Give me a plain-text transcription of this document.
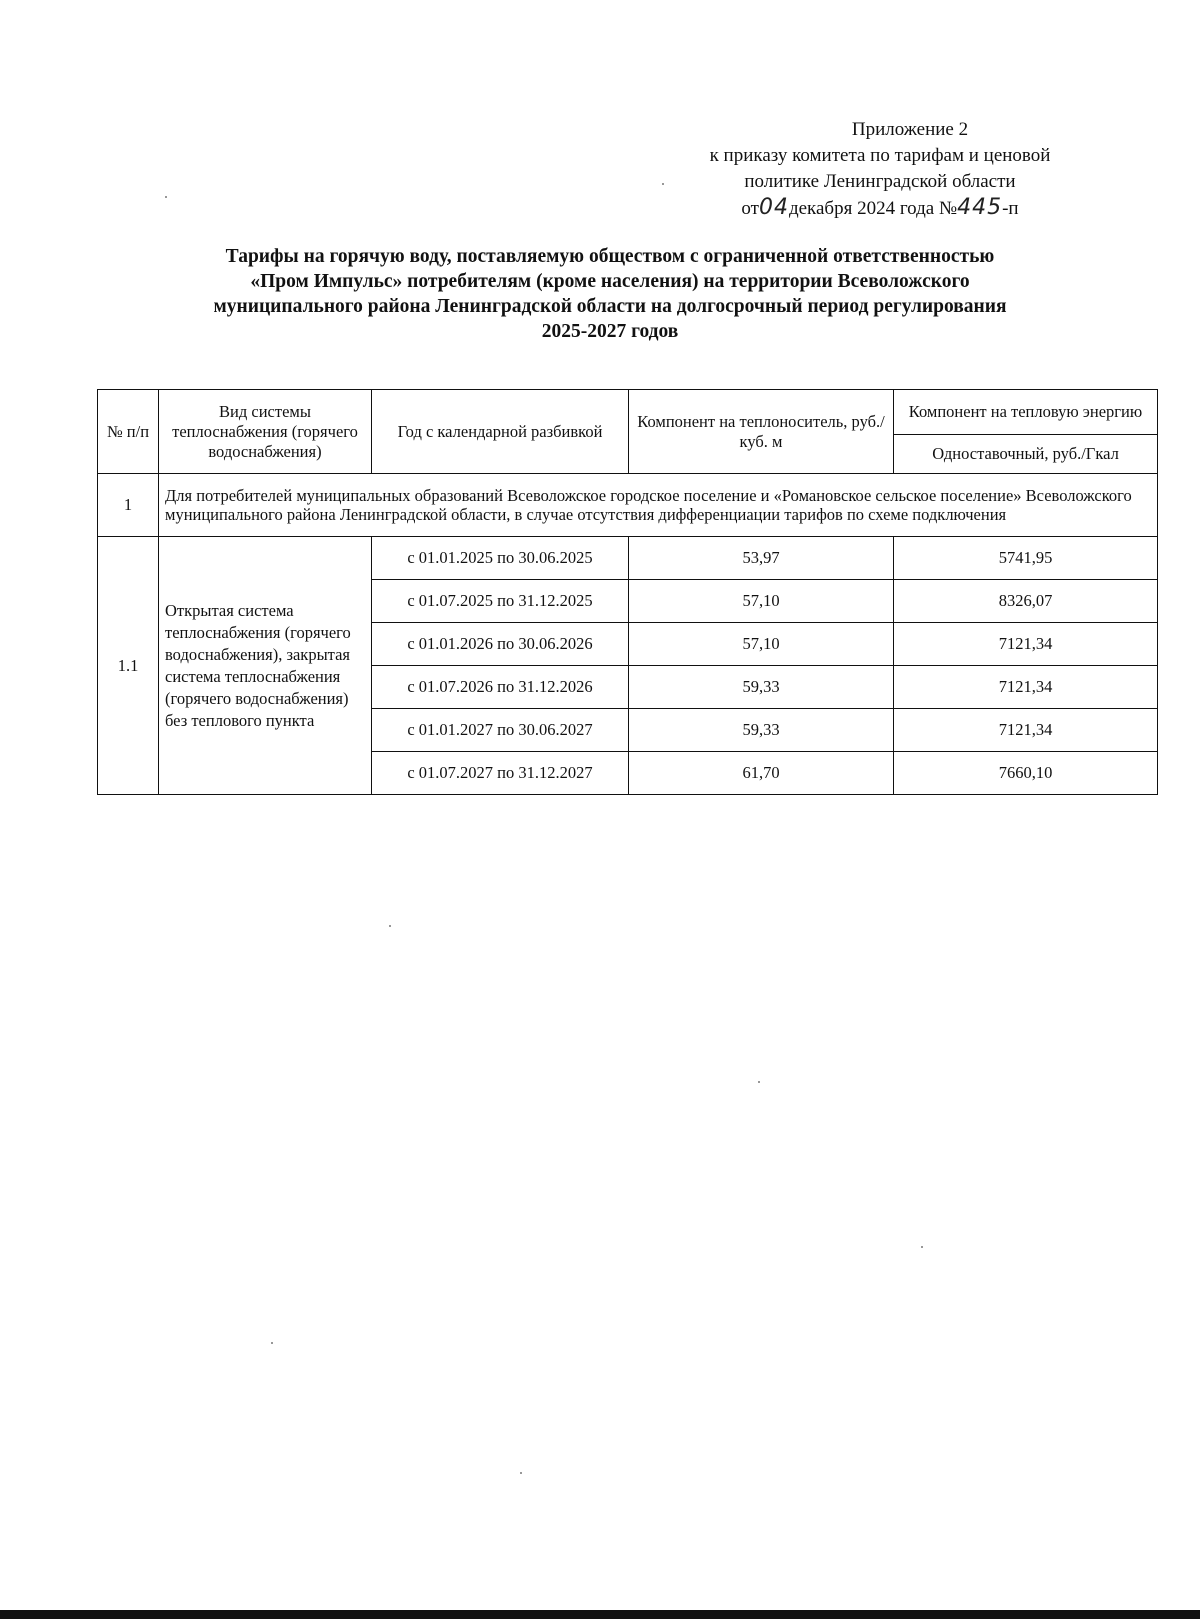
Приложение 2
к приказу комитета по тарифам и ценовой
политике Ленинградской области
от04декабря 2024 года №445-п
Тарифы на горячую воду, поставляемую обществом с ограниченной ответственностью
«Пром Импульс» потребителям (кроме населения) на территории Всеволожского
муниципального района Ленинградской области на долгосрочный период регулирования
2025-2027 годов
№ п/п	Вид системы теплоснабжения (горячего водоснабжения)	Год с календарной разбивкой	Компонент на теплоноситель, руб./куб. м	Компонент на тепловую энергию
				Одноставочный, руб./Гкал
1	Для потребителей муниципальных образований Всеволожское городское поселение и «Романовское сельское поселение» Всеволожского муниципального района Ленинградской области, в случае отсутствия дифференциации тарифов по схеме подключения			
1.1	Открытая система теплоснабжения (горячего водоснабжения), закрытая система теплоснабжения (горячего водоснабжения) без теплового пункта	с 01.01.2025 по 30.06.2025	53,97	5741,95
		с 01.07.2025 по 31.12.2025	57,10	8326,07
		с 01.01.2026 по 30.06.2026	57,10	7121,34
		с 01.07.2026 по 31.12.2026	59,33	7121,34
		с 01.01.2027 по 30.06.2027	59,33	7121,34
		с 01.07.2027 по 31.12.2027	61,70	7660,10
